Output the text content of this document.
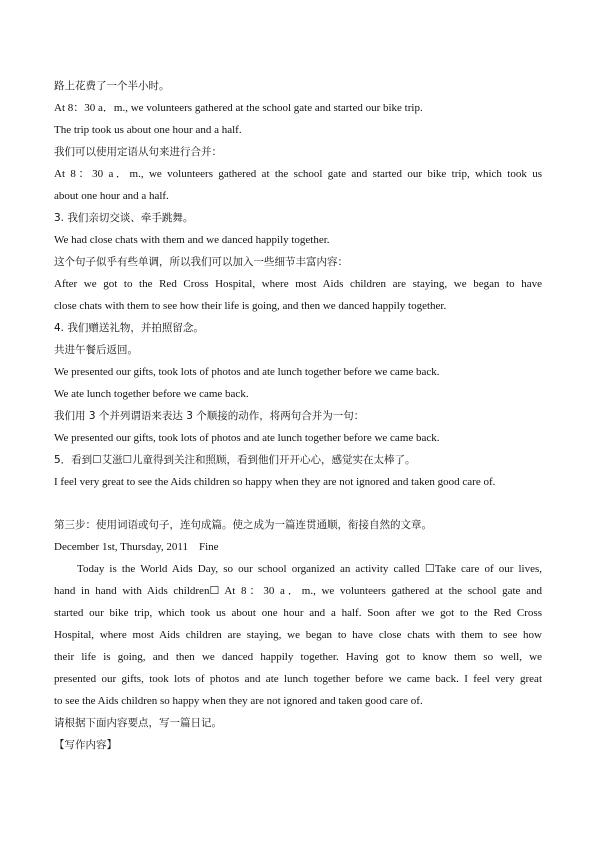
路上花费了一个半小时。
At 8：30 a．m., we volunteers gathered at the school gate and started our bike trip.
The trip took us about one hour and a half.
我们可以使用定语从句来进行合并：
At 8：30 a．m., we volunteers gathered at the school gate and started our bike trip, which took us
about one hour and a half.
3. 我们亲切交谈、牵手跳舞。
We had close chats with them and we danced happily together.
这个句子似乎有些单调，所以我们可以加入一些细节丰富内容：
After we got to the Red Cross Hospital, where most Aids children are staying, we began to have
close chats with them to see how their life is going, and then we danced happily together.
4. 我们赠送礼物，并拍照留念。
共进午餐后返回。
We presented our gifts, took lots of photos and ate lunch together before we came back.
We ate lunch together before we came back.
我们用 3 个并列谓语来表达 3 个顺接的动作，将两句合并为一句：
We presented our gifts, took lots of photos and ate lunch together before we came back.
5．看到☐艾滋☐儿童得到关注和照顾，看到他们开开心心，感觉实在太棒了。
I feel very great to see the Aids children so happy when they are not ignored and taken good care of.
第三步：使用词语或句子，连句成篇。使之成为一篇连贯通顺，衔接自然的文章。
December 1st, Thursday, 2011    Fine
Today is the World Aids Day, so our school organized an activity called ☐Take care of our lives,
hand in hand with Aids children☐ At 8：30 a．m., we volunteers gathered at the school gate and
started our bike trip, which took us about one hour and a half. Soon after we got to the Red Cross
Hospital, where most Aids children are staying, we began to have close chats with them to see how
their life is going, and then we danced happily together. Having got to know them so well, we
presented our gifts, took lots of photos and ate lunch together before we came back. I feel very great
to see the Aids children so happy when they are not ignored and taken good care of.
请根据下面内容要点，写一篇日记。
【写作内容】
